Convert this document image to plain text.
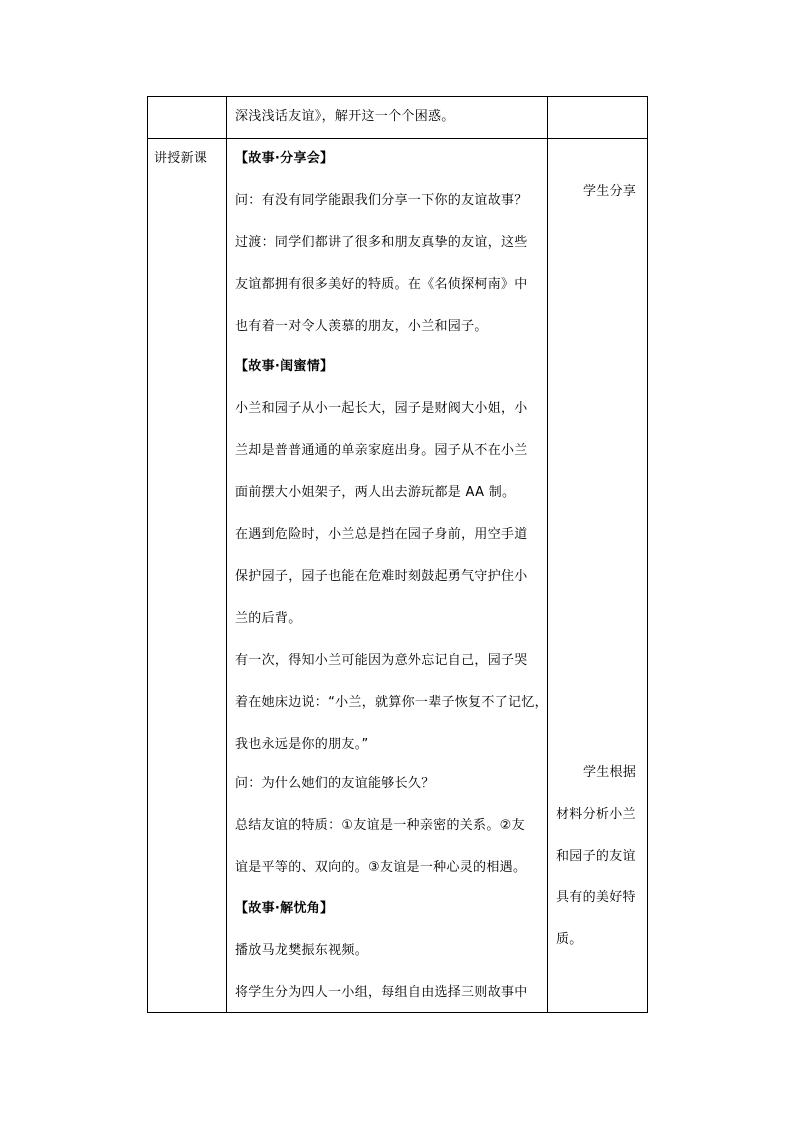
深浅浅话友谊》，解开这一个个困惑。
讲授新课 【故事·分享会】
问：有没有同学能跟我们分享一下你的友谊故事？
过渡：同学们都讲了很多和朋友真挚的友谊，这些
友谊都拥有很多美好的特质。在《名侦探柯南》中
也有着一对令人羡慕的朋友，小兰和园子。
【故事·闺蜜情】
小兰和园子从小一起长大，园子是财阀大小姐，小
兰却是普普通通的单亲家庭出身。园子从不在小兰
面前摆大小姐架子，两人出去游玩都是 AA 制。
在遇到危险时，小兰总是挡在园子身前，用空手道
保护园子，园子也能在危难时刻鼓起勇气守护住小
兰的后背。
有一次，得知小兰可能因为意外忘记自己，园子哭
着在她床边说：“小兰，就算你一辈子恢复不了记忆，
我也永远是你的朋友。”
问：为什么她们的友谊能够长久？
总结友谊的特质：①友谊是一种亲密的关系。②友
谊是平等的、双向的。③友谊是一种心灵的相遇。
【故事·解忧角】
播放马龙樊振东视频。
将学生分为四人一小组，每组自由选择三则故事中
学生分享
学生根据
材料分析小兰
和园子的友谊
具有的美好特
质。
